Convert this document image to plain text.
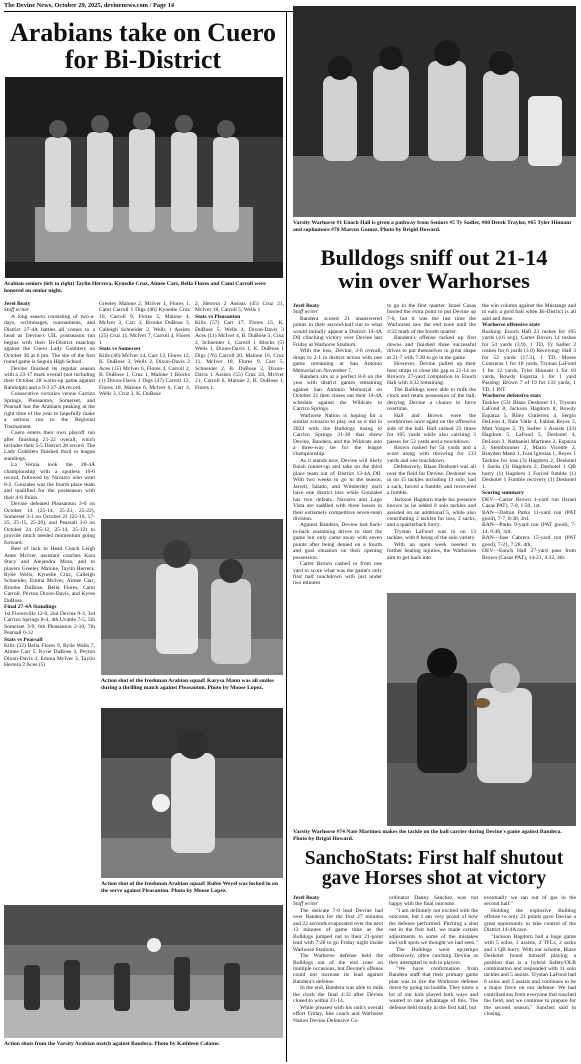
The Devine News, October 29, 2025, devinenews.com / Page 14
Arabians take on Cuero
for Bi-District
Arabian seniors (left to right) Taylin Herrera, Kynedie Cruz, Aimee Carr, Bella Flores and Cami Carroll were honored on senior night.

Jerel Beaty

Staff writer

A long season consisting of two-a-days, scrimmages, tournaments, and District 27-4A battles all comes to a head as Devine's UIL postseason run begins with their Bi-District matchup against the Cuero Lady Gobblers on October 30 at 6 pm. The site of the first round game is Seguin High School.

Devine finished its regular season with a 23-17 mark overall (not including their October 28 warm-up game against Randolph) and a 9-3 27-4A record.

Consecutive victories versus Carrizo Springs, Pleasanton, Somerset, and Pearsall has the Arabians peaking at the right time of the year to hopefully make a serious run to the Regional Tournament.

Cuero enters their own playoff run after finishing 21-22 overall, which includes their 5-5 District 28 record. The Lady Gobblers finished third in league standings.

La Vernia took the 28-4A championship with a spotless 10-0 record, followed by Navarro who went 8-2. Gonzales was the fourth place team and qualified for the postseason with their 4-6 finish.

Devine defeated Pleasanton 3-0 on October 14 (25-14, 25-23, 25-22), Somerset 3-1 on October 21 (25-16, 17-25, 25-15, 25-20), and Pearsall 3-0 on October 24 (25-12, 25-14, 25-12) to provide much needed momentum going forward.

Best of luck to Head Coach Leigh Anne McIver, assistant coaches Kara Stacy and Alejandra Mora, and to players Greeley Malone, Taylin Herrera, Rylie Wells, Kynedie Cruz, Calleigh Schneider, Emma McIver, Aimee Carr, Brooke DuBose, Bella Flores, Cami Carroll, Peyton Dixon-Davis, and Kyree DuBose.

Final 27-4A Standings

1st Floresville 12-0, 2nd Devine 9-3, 3rd Carrizo Springs 8-4, 4th Uvalde 7-5, 5th Somerset 3-9, 6th Pleasanton 2-10, 7th Pearsall 0-12

Stats vs Pearsall

Kills (32) Bella Flores 9, Rylie Wells 7, Aimee Carr 5, Kyrie DuBose 3, Peyton Dixon-Davis 3, Emma McIver 3, Taylin Herrera 2 Aces (5)

Greeley Malone 2, McIver 1, Flores 1, Cami Carroll 1 Digs (46) Kynedie Cruz 16, Carroll 9, Flores 5, Malone 4, McIver 3, Carr 3, Brooke DuBose 3, Calleigh Schneider 2, Wells 1 Assists (25) Cruz 11, McIver 7, Carroll 4, Flores 1

Stats vs Somerset

Kills (46) McIver 14, Carr 13, Flores 12, K. DuBose 3, Wells 2, Dixon-Davis 2 Aces (15) McIver 6, Flores 4, Carroll 2, B. DuBose 1, Cruz 1, Malone 1 Blocks (1) Dixon-Davis 1 Digs (47) Carroll 12, Flores 10, Malone 6, McIver 6, Carr 3, Wells 3, Cruz 3, K. DuBose

2, Herrera 2 Assists (45) Cruz 21, McIver 18, Carroll 5, Wells 1

Stats vs Pleasanton

Kills (57) Carr 17, Flores 15, K. DuBose 5, Wells 4, Dixon-Davis 3 Aces (11) McIver 4, B. DuBose 3, Cruz 2, Schneider 1, Carroll 1 Blocks (5) Wells 1, Dixon-Davis 1, K. DuBose 1 Digs (76) Carroll 20, Malone 16, Cruz 11, McIver 10, Flores 9, Carr 5, Schneider 2, B. DuBose 2, Dixon-Davis 1 Assists (55) Cruz 24, McIver 21, Carroll 6, Malone 2, B. DuBose 1, Flores 1.

Action shot of the freshman Arabian squad! Karysa Mann was all smiles during a thrilling match against Pleasanton. Photo by Moose Lopez.
Action shot of the freshman Arabian squad! Rubie Weyel was locked in on the serve against Pleasanton. Photo by Moose Lopez.
Action shots from the Varsity Arabian match against Bandera. Photo by Kathleen Calame.
Varsity Warhorse #1 Enoch Hall is given a pathway from Seniors #5 Ty Sadler, #60 Derek Traylor, #65 Tyler Hinnant and sophomore #70 Marcus Gomez. Photo by Brigid Howard.
Bulldogs sniff out 21-14
win over Warhorses

Jerel Beaty

Staff writer

Bandera scored 21 unanswered points in their second-half run to what would initially appear a District 14-4A DII clinching victory over Devine last Friday at Warhorse Stadium.

With the loss, Devine, 3-6 overall, drops to 2-1 in district action with one game remaining at San Antonio Memorial on November 7.

Bandera sits at a perfect 8-0 on the year with district games remaining against San Antonio Memorial on October 31 then closes out their 14-4A schedule against the Wildcats in Carrizo Springs.

Warhorse Nation is hoping for a similar scenario to play out as it did in 2024 with the Bulldogs losing to Carrizo Springs 31-30 that threw Devine, Bandera, and the Wildcats into a three-way tie for the league championship.

As it stands now, Devine will likely finish runner-up and take on the third place team out of District 13-4A DII. With two weeks to go in the season, Jarrell, Salado, and Wimberley each have one district loss while Gonzales has two defeats. Navarro and Lago Vista are saddled with three losses in their extremely competitive seven-team division.

Against Bandera, Devine had back-to-back sustaining drives to start the game but only came away with seven points after being denied on a fourth and goal situation on their opening possession.

Carter Brown cashed in from one yard to score what was the game's only first half touchdown with just under two minutes

to go in the first quarter. Israel Casas booted the extra point to put Devine up 7-0, but it was the last time the Warhorses saw the end zone until the 4:32 mark of the fourth quarter.

Bandera's offense racked up first downs and finished three successful drives to put themselves in great shape at 21-7 with 7:28 to go in the game.

However, Devine pulled up their boot straps to close the gap to 21-14 on Brown's 27-yard completion to Enoch Hall with 4:32 remaining.

The Bulldogs were able to milk the clock and retain possession of the ball, denying Devine a chance to force overtime.

Hall and Brown were the workhorses once again on the offensive side of the ball. Hall rushed 23 times for 105 yards while also catching 3 passes for 52 yards and a touchdown.

Brown rushed for 54 yards and a score along with throwing for 133 yards and one touchdown.

Defensively, Blaze Deshotel was all over the field for Devine. Deshotel was in on 15 tackles including 11 solo, had a sack, forced a fumble, and recovered a fumble.

Jackson Hagdorn made his presence known as he added 8 solo tackles and assisted on an additional 5, while also contributing 2 tackles for loss, 2 sacks, and a quarterback hurry.

Trystan LaFond was in on 13 tackles, with 8 being of the solo variety.

With an open week needed to further healing injuries, the Warhorses aim to get back into

the win column against the Mustangs and to earn a gold ball when Bi-District is all said and done.

Warhorse offensive stats

Rushing: Enoch Hall 23 rushes for 105 yards (4.6 avg), Carter Brown 14 rushes for 54 yards (3.9), 1 TD, Ty Sadler 2 rushes for 6 yards (3.0) Receiving: Hall 3 for 52 yards (17.3), 1 TD, Moses Contreras 1 for 18 yards, Trystan LaFond 1 for 12 yards, Tyler Hinnant 1 for 10 yards, Rowdy Esparza 1 for 1 yard Passing: Brown 7 of 19 for 133 yards, 1 TD, 1 INT

Warhorse defensive stats

Tackles (53) Blaze Deshotel 11, Trystan LaFond 8, Jackson Hagdorn 8, Rowdy Esparza 5, Riley Gutierrez 4, Sergio DeLeon 4, Nate Valle 4, Fabian Reyes 3, Matt Vargas 2, Ty Sadler 1 Assists (33) Hagdorn 5, LaFond 5, Deshotel 4, DeLeon 3, Nathaniel Martinez 2, Esparza 2, Steinbrunner 2, Mario Vicente 2, Brayden Mann 1, Ivan Iglesias 1, Reyes 1 Tackles for loss (3) Hagdorn 2, Deshotel 1 Sacks (3) Hagdorn 2, Deshotel 1 QB hurry (1) Hagdorn 1 Forced fumble (1) Deshotel 1 Fumble recovery (1) Deshotel 1.

Scoring summary

DEV—Carter Brown 1-yard run (Israel Casas PAT), 7-0, 1:50, 1st.

BAN—Dalton Parks 11-yard run (PAT good), 7-7, 8:38, 3rd.

BAN—Parks 9-yard run (PAT good), 7-14, 0:46, 3rd.

BAN—Jase Cabrera 15-yard run (PAT good), 7-21, 7:28, 4th.

DEV—Enoch Hall 27-yard pass from Brown (Casas PAT), 14-21, 4:32, 4th.

Varsity Warhorse #74 Nate Martinez makes the tackle on the ball carrier during Devine's game against Bandera. Photo by Brigid Howard.
SanchoStats: First half shutout
gave Horses shot at victory

Jerel Beaty

Staff writer

The delicate 7-0 lead Devine had over Bandera for the first 27 minutes and 22 seconds evaporated over the next 13 minutes of game time as the Bulldogs jumped out to their 21-point lead with 7:28 to go Friday night inside Warhorse Stadium.

The Warhorse defense held the Bulldogs out of the end zone on multiple occasions, but Devine's offense could not increase its lead against Bandera's defense.

In the end, Bandera was able to milk the clock the final 4:32 after Devine closed to within 21-14.

While pleased with his unit's overall effort Friday, line coach and Warhorse Nation Devine Defensive Co-

ordinator Danny Sanchez was not happy with the final outcome.

"I am definitely not excited with the outcome, but I am very proud of how the defense performed. Pitching a shut out in the first half, we made certain adjustments to some of the mistakes and soft spots we thought we had seen."

The Bulldogs went up-tempo offensively, often catching Devine as they attempted to sub in players.

"We have confirmation from Bandera staff that their primary game plan was to tire the Warhorse defense down by going no huddle. They knew a lot of our kids played both ways and wanted to take advantage of this. The defense held sturdy in the first half, but

eventually we ran out of gas in the second half."

Holding the explosive Bulldog offense to only 21 points gave Devine a great opportunity to take control of the District 14-4A race.

"Jackson Hagdorn had a huge game with 5 solos, 3 assists, 2 TFLs, 2 sacks and 1 QB hurry. With our scheme, Blaze Deshotel found himself playing a position that is a hybrid Safety/OLB combination and responded with 11 solo tackles and 5 assists. Trystan LaFond had 8 solos and 5 assists and continues to be a major force on our defense. We had contributions from everyone that touched the field, and we continue to prepare for the second season," Sanchez said in closing.
